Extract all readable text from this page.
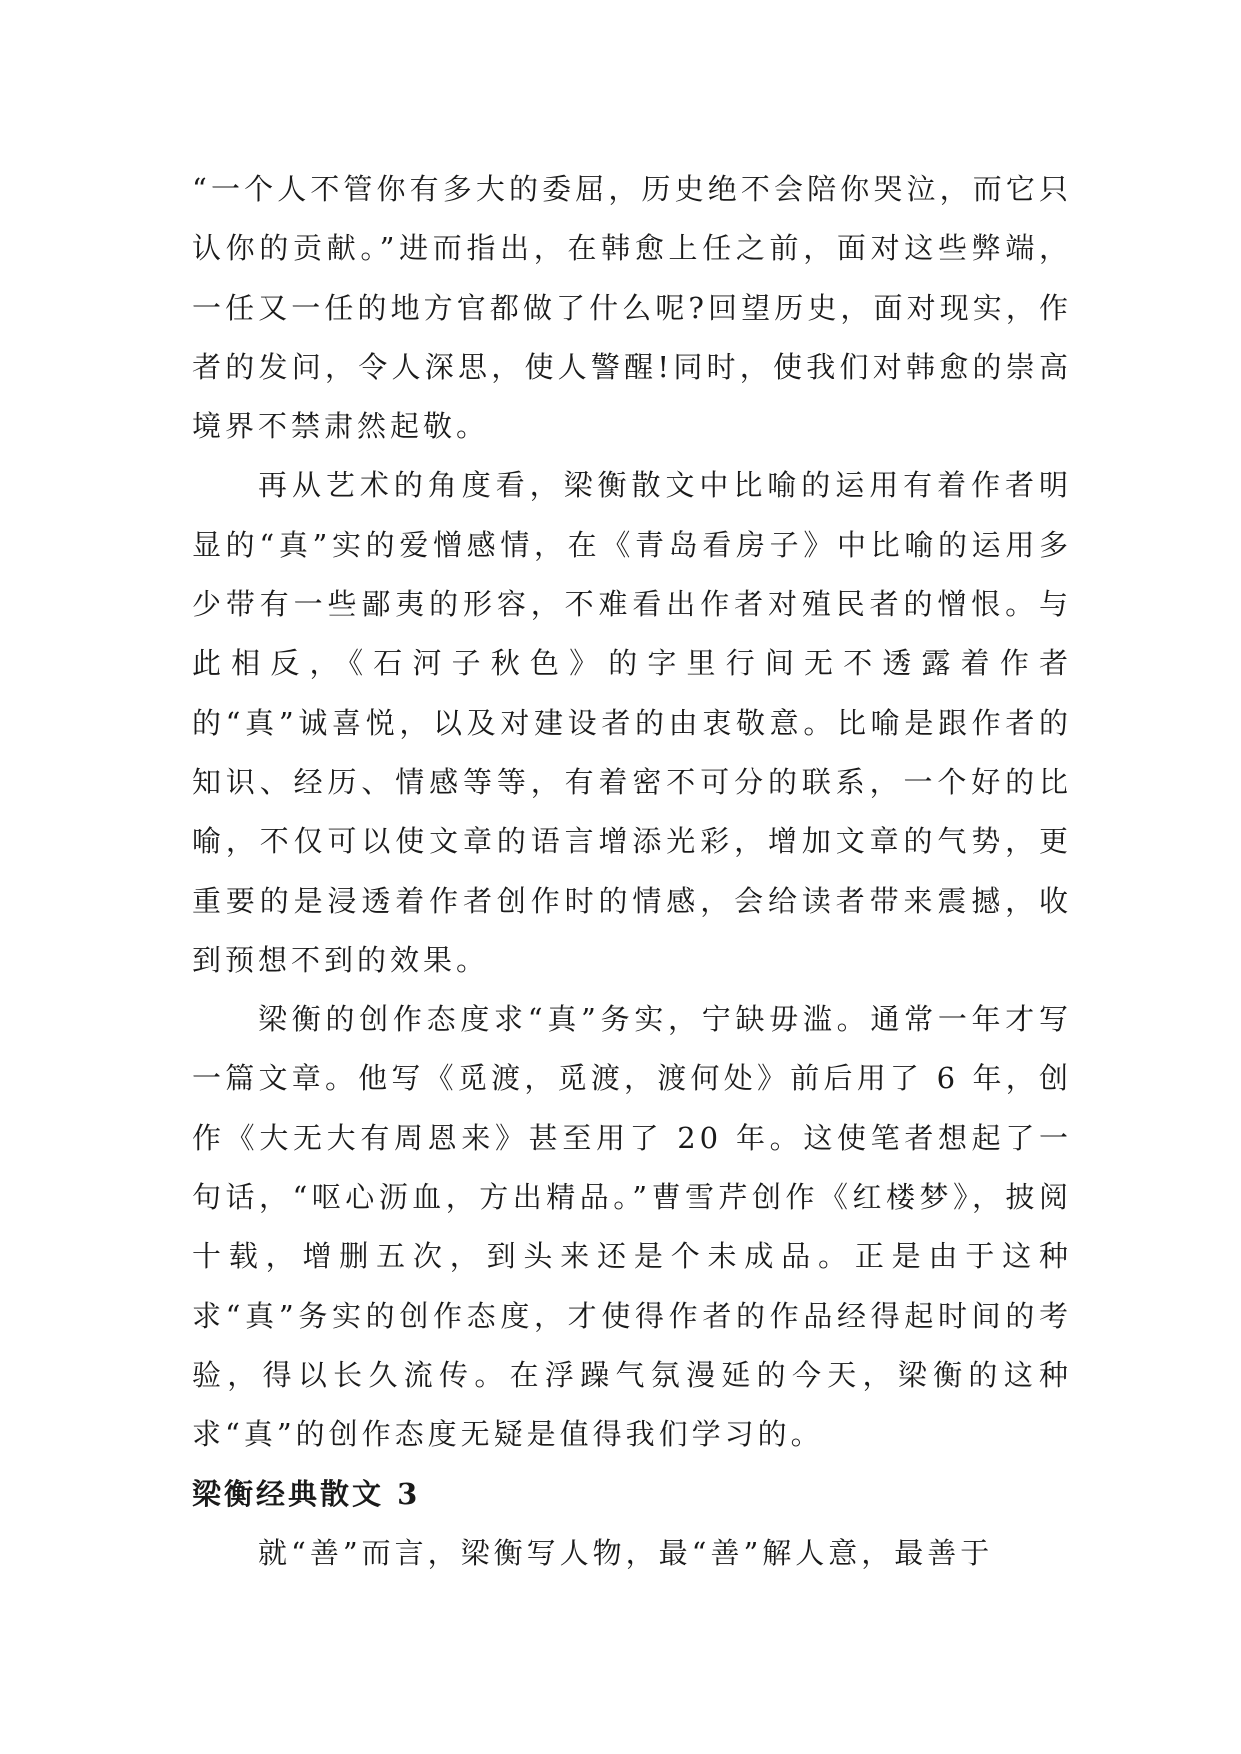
“一个人不管你有多大的委屈，历史绝不会陪你哭泣，而它只认你的贡献。”进而指出，在韩愈上任之前，面对这些弊端，一任又一任的地方官都做了什么呢?回望历史，面对现实，作者的发问，令人深思，使人警醒!同时，使我们对韩愈的崇高境界不禁肃然起敬。

再从艺术的角度看，梁衡散文中比喻的运用有着作者明显的“真”实的爱憎感情，在《青岛看房子》中比喻的运用多少带有一些鄙夷的形容，不难看出作者对殖民者的憎恨。与此相反，《石河子秋色》的字里行间无不透露着作者的“真”诚喜悦，以及对建设者的由衷敬意。比喻是跟作者的知识、经历、情感等等，有着密不可分的联系，一个好的比喻，不仅可以使文章的语言增添光彩，增加文章的气势，更重要的是浸透着作者创作时的情感，会给读者带来震撼，收到预想不到的效果。

梁衡的创作态度求“真”务实，宁缺毋滥。通常一年才写一篇文章。他写《觅渡，觅渡，渡何处》前后用了 6 年，创作《大无大有周恩来》甚至用了 20 年。这使笔者想起了一句话，“呕心沥血，方出精品。”曹雪芹创作《红楼梦》，披阅十载，增删五次，到头来还是个未成品。正是由于这种求“真”务实的创作态度，才使得作者的作品经得起时间的考验，得以长久流传。在浮躁气氛漫延的今天，梁衡的这种求“真”的创作态度无疑是值得我们学习的。

梁衡经典散文 3

就“善”而言，梁衡写人物，最“善”解人意，最善于
